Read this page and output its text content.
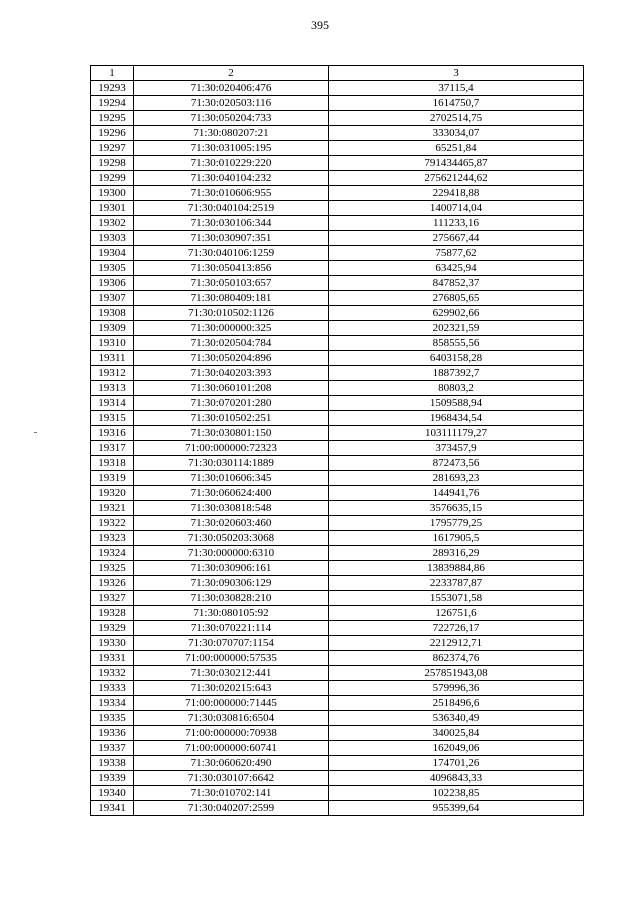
395
1	2	3
19293	71:30:020406:476	37115,4
19294	71:30:020503:116	1614750,7
19295	71:30:050204:733	2702514,75
19296	71:30:080207:21	333034,07
19297	71:30:031005:195	65251,84
19298	71:30:010229:220	791434465,87
19299	71:30:040104:232	275621244,62
19300	71:30:010606:955	229418,88
19301	71:30:040104:2519	1400714,04
19302	71:30:030106:344	111233,16
19303	71:30:030907:351	275667,44
19304	71:30:040106:1259	75877,62
19305	71:30:050413:856	63425,94
19306	71:30:050103:657	847852,37
19307	71:30:080409:181	276805,65
19308	71:30:010502:1126	629902,66
19309	71:30:000000:325	202321,59
19310	71:30:020504:784	858555,56
19311	71:30:050204:896	6403158,28
19312	71:30:040203:393	1887392,7
19313	71:30:060101:208	80803,2
19314	71:30:070201:280	1509588,94
19315	71:30:010502:251	1968434,54
19316	71:30:030801:150	103111179,27
19317	71:00:000000:72323	373457,9
19318	71:30:030114:1889	872473,56
19319	71:30:010606:345	281693,23
19320	71:30:060624:400	144941,76
19321	71:30:030818:548	3576635,15
19322	71:30:020603:460	1795779,25
19323	71:30:050203:3068	1617905,5
19324	71:30:000000:6310	289316,29
19325	71:30:030906:161	13839884,86
19326	71:30:090306:129	2233787,87
19327	71:30:030828:210	1553071,58
19328	71:30:080105:92	126751,6
19329	71:30:070221:114	722726,17
19330	71:30:070707:1154	2212912,71
19331	71:00:000000:57535	862374,76
19332	71:30:030212:441	257851943,08
19333	71:30:020215:643	579996,36
19334	71:00:000000:71445	2518496,6
19335	71:30:030816:6504	536340,49
19336	71:00:000000:70938	340025,84
19337	71:00:000000:60741	162049,06
19338	71:30:060620:490	174701,26
19339	71:30:030107:6642	4096843,33
19340	71:30:010702:141	102238,85
19341	71:30:040207:2599	955399,64
